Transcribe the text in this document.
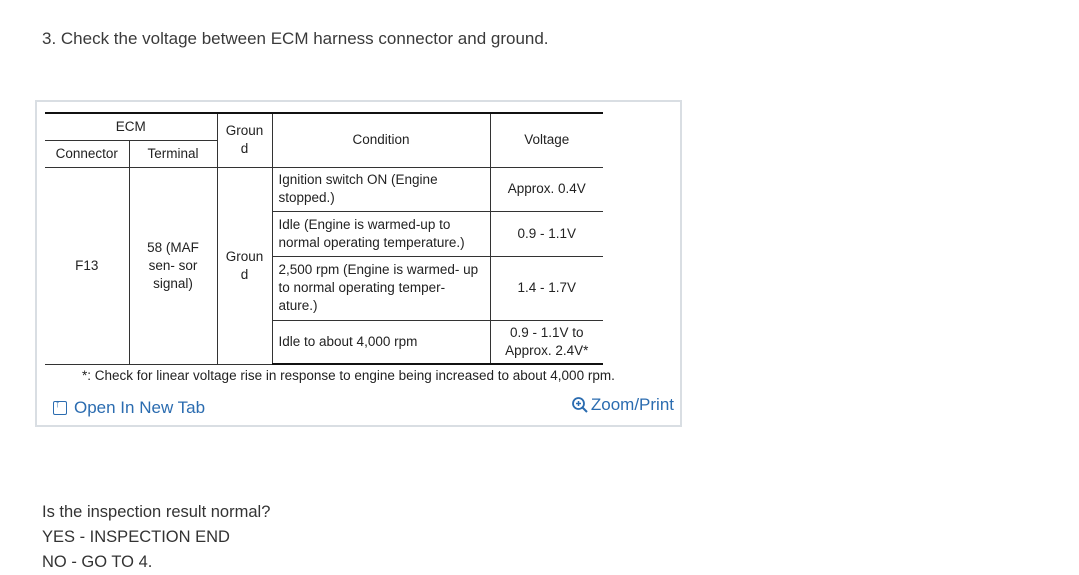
3. Check the voltage between ECM harness connector and ground.
ECM		Groun d	Condition	Voltage
Connector	Terminal			
F13	58 (MAF sen- sor signal)	Groun d	Ignition switch ON (Engine stopped.)	Approx. 0.4V
			Idle (Engine is warmed-up to normal operating temperature.)	0.9 - 1.1V
			2,500 rpm (Engine is warmed- up to normal operating temper- ature.)	1.4 - 1.7V
			Idle to about 4,000 rpm	0.9 - 1.1V to Approx. 2.4V*
*: Check for linear voltage rise in response to engine being increased to about 4,000 rpm.
↑
Open In New Tab	Zoom/Print
Is the inspection result normal?
YES - INSPECTION END
NO - GO TO 4.
